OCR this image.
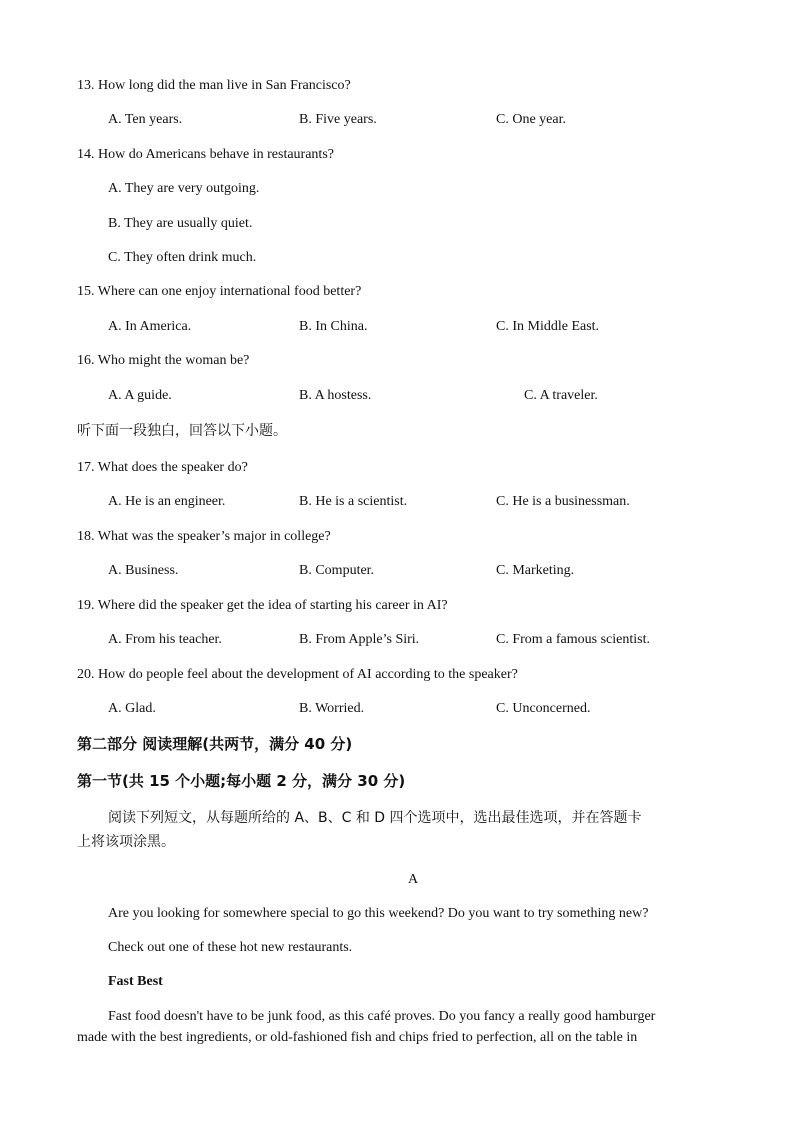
13. How long did the man live in San Francisco?
A. Ten years.	B. Five years.	C. One year.
14. How do Americans behave in restaurants?
A. They are very outgoing.
B. They are usually quiet.
C. They often drink much.
15. Where can one enjoy international food better?
A. In America.	B. In China.	C. In Middle East.
16. Who might the woman be?
A. A guide.	B. A hostess.	C. A traveler.
听下面一段独白，回答以下小题。
17. What does the speaker do?
A. He is an engineer.	B. He is a scientist.	C. He is a businessman.
18. What was the speaker’s major in college?
A. Business.	B. Computer.	C. Marketing.
19. Where did the speaker get the idea of starting his career in AI?
A. From his teacher.	B. From Apple’s Siri.	C. From a famous scientist.
20. How do people feel about the development of AI according to the speaker?
A. Glad.	B. Worried.	C. Unconcerned.
第二部分 阅读理解(共两节，满分 40 分)
第一节(共 15 个小题;每小题 2 分，满分 30 分)
阅读下列短文，从每题所给的 A、B、C 和 D 四个选项中，选出最佳选项，并在答题卡
上将该项涂黑。
A
Are you looking for somewhere special to go this weekend? Do you want to try something new?
Check out one of these hot new restaurants.
Fast Best
Fast food doesn't have to be junk food, as this café proves. Do you fancy a really good hamburger
made with the best ingredients, or old-fashioned fish and chips fried to perfection, all on the table in
